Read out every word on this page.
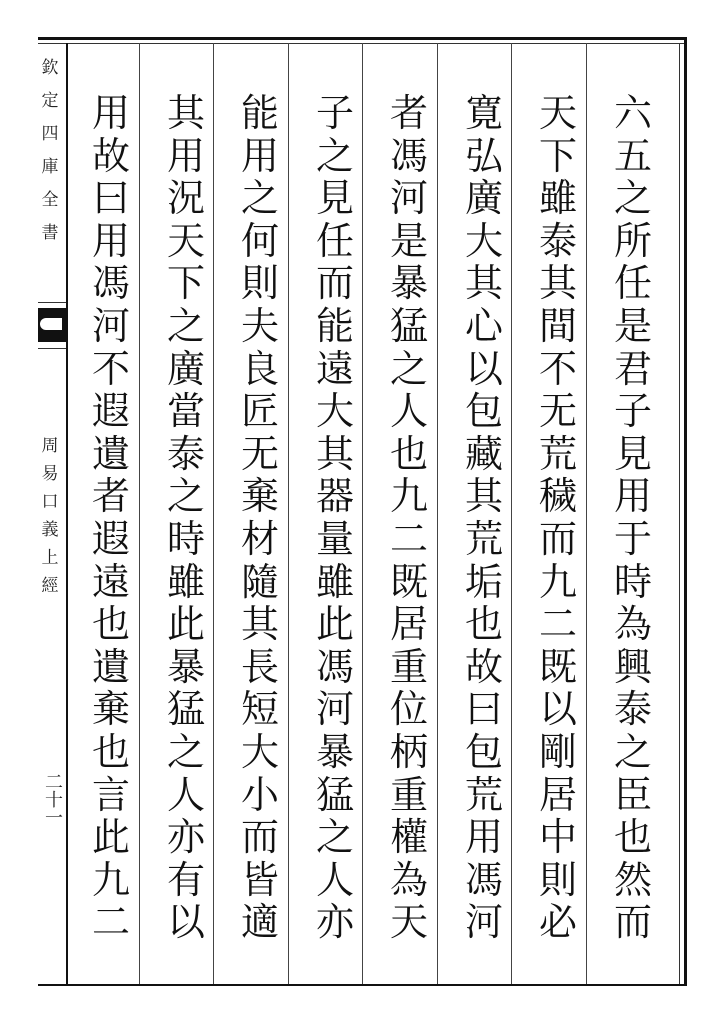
欽
定
四
庫
全
書
周
易
口
義
上
經
二十一
六
五
之
所
任
是
君
子
見
用
于
時
為
興
泰
之
臣
也
然
而
天
下
雖
泰
其
間
不
无
荒
穢
而
九
二
既
以
剛
居
中
則
必
寛
弘
廣
大
其
心
以
包
藏
其
荒
垢
也
故
曰
包
荒
用
馮
河
者
馮
河
是
暴
猛
之
人
也
九
二
既
居
重
位
柄
重
權
為
天
子
之
見
任
而
能
遠
大
其
器
量
雖
此
馮
河
暴
猛
之
人
亦
能
用
之
何
則
夫
良
匠
无
棄
材
隨
其
長
短
大
小
而
皆
適
其
用
況
天
下
之
廣
當
泰
之
時
雖
此
暴
猛
之
人
亦
有
以
用
故
曰
用
馮
河
不
遐
遺
者
遐
遠
也
遺
棄
也
言
此
九
二
